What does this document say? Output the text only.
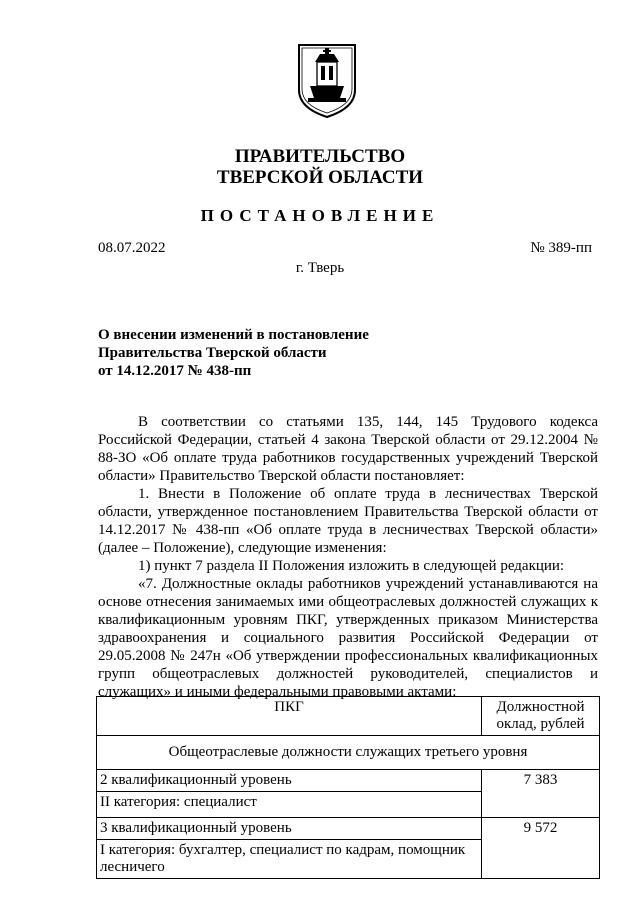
ПРАВИТЕЛЬСТВО
ТВЕРСКОЙ ОБЛАСТИ
ПОСТАНОВЛЕНИЕ
08.07.2022	№ 389-пп
г. Тверь
О внесении изменений в постановление
Правительства Тверской области
от 14.12.2017 № 438-пп

В соответствии со статьями 135, 144, 145 Трудового кодекса Российской Федерации, статьей 4 закона Тверской области от 29.12.2004 № 88-ЗО «Об оплате труда работников государственных учреждений Тверской области» Правительство Тверской области постановляет:

1. Внести в Положение об оплате труда в лесничествах Тверской области, утвержденное постановлением Правительства Тверской области от 14.12.2017 № 438-пп «Об оплате труда в лесничествах Тверской области» (далее – Положение), следующие изменения:

1) пункт 7 раздела II Положения изложить в следующей редакции:

«7. Должностные оклады работников учреждений устанавливаются на основе отнесения занимаемых ими общеотраслевых должностей служащих к квалификационным уровням ПКГ, утвержденных приказом Министерства здравоохранения и социального развития Российской Федерации от 29.05.2008 № 247н «Об утверждении профессиональных квалификационных групп общеотраслевых должностей руководителей, специалистов и служащих» и иными федеральными правовыми актами:

ПКГ	Должностной оклад, рублей
Общеотраслевые должности служащих третьего уровня	
2 квалификационный уровень	7 383
II категория: специалист	
3 квалификационный уровень	9 572
I категория: бухгалтер, специалист по кадрам, помощник лесничего	
